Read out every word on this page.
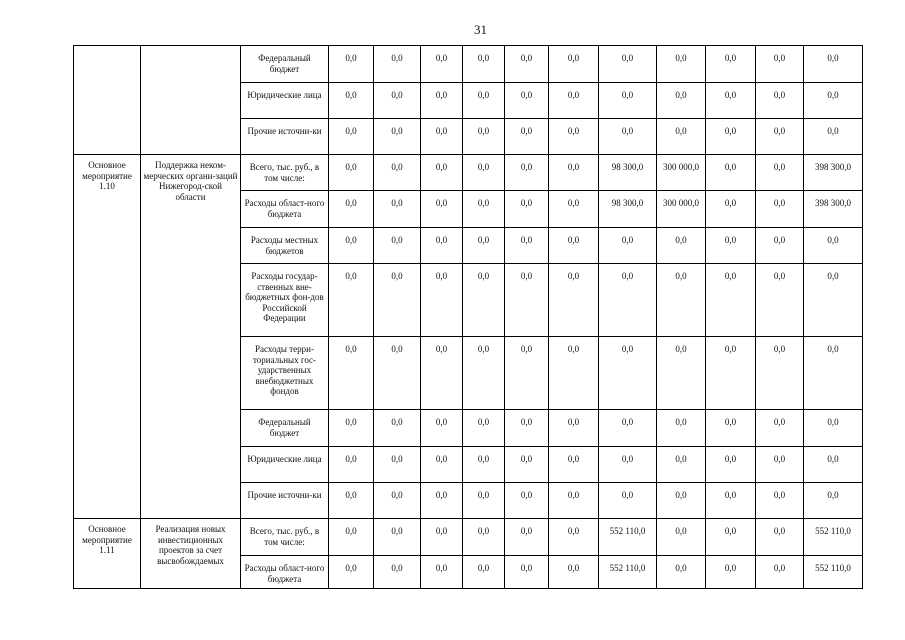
31
		Федеральный бюджет	0,0	0,0	0,0	0,0	0,0	0,0	0,0	0,0	0,0	0,0	0,0
		Юридические лица	0,0	0,0	0,0	0,0	0,0	0,0	0,0	0,0	0,0	0,0	0,0
		Прочие источни-ки	0,0	0,0	0,0	0,0	0,0	0,0	0,0	0,0	0,0	0,0	0,0
Основное мероприятие 1.10	Поддержка неком-мерческих органи-заций Нижегород-ской области	Всего, тыс. руб., в том числе:	0,0	0,0	0,0	0,0	0,0	0,0	98 300,0	300 000,0	0,0	0,0	398 300,0
		Расходы област-ного бюджета	0,0	0,0	0,0	0,0	0,0	0,0	98 300,0	300 000,0	0,0	0,0	398 300,0
		Расходы местных бюджетов	0,0	0,0	0,0	0,0	0,0	0,0	0,0	0,0	0,0	0,0	0,0
		Расходы государ-ственных вне-бюджетных фон-дов Российской Федерации	0,0	0,0	0,0	0,0	0,0	0,0	0,0	0,0	0,0	0,0	0,0
		Расходы терри-ториальных гос-ударственных внебюджетных фондов	0,0	0,0	0,0	0,0	0,0	0,0	0,0	0,0	0,0	0,0	0,0
		Федеральный бюджет	0,0	0,0	0,0	0,0	0,0	0,0	0,0	0,0	0,0	0,0	0,0
		Юридические лица	0,0	0,0	0,0	0,0	0,0	0,0	0,0	0,0	0,0	0,0	0,0
		Прочие источни-ки	0,0	0,0	0,0	0,0	0,0	0,0	0,0	0,0	0,0	0,0	0,0
Основное мероприятие 1.11	Реализация новых инвестиционных проектов за счет высвобождаемых	Всего, тыс. руб., в том числе:	0,0	0,0	0,0	0,0	0,0	0,0	552 110,0	0,0	0,0	0,0	552 110,0
		Расходы област-ного бюджета	0,0	0,0	0,0	0,0	0,0	0,0	552 110,0	0,0	0,0	0,0	552 110,0
